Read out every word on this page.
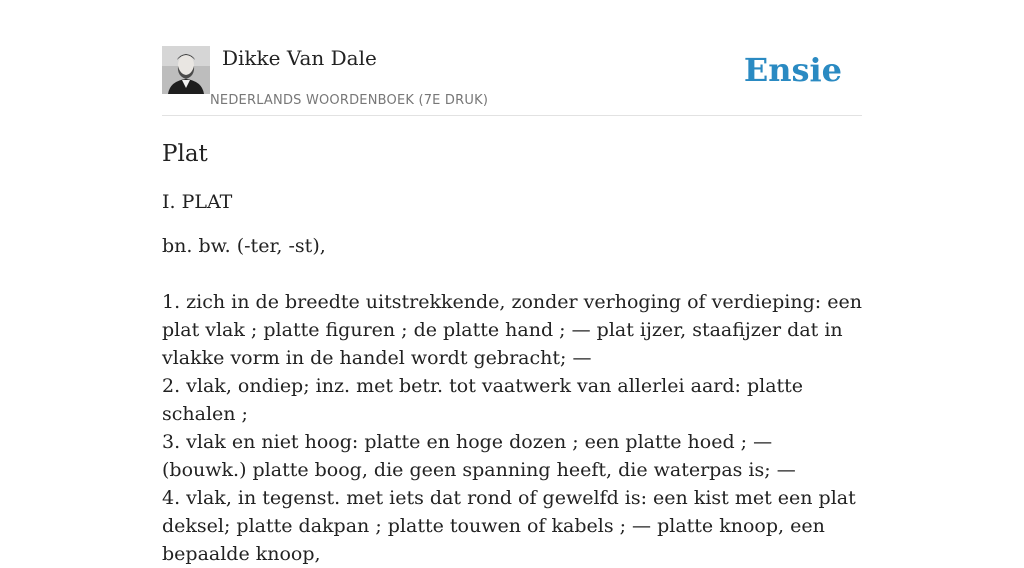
Dikke Van Dale
NEDERLANDS WOORDENBOEK (7E DRUK)
Ensie
Plat
I. PLAT
bn. bw. (-ter, -st),
1. zich in de breedte uitstrekkende, zonder verhoging of verdieping: een plat vlak ; platte figuren ; de platte hand ; — plat ijzer, staafijzer dat in vlakke vorm in de handel wordt gebracht; —
2. vlak, ondiep; inz. met betr. tot vaatwerk van allerlei aard: platte schalen ;
3. vlak en niet hoog: platte en hoge dozen ; een platte hoed ; — (bouwk.) platte boog, die geen spanning heeft, die waterpas is; —
4. vlak, in tegenst. met iets dat rond of gewelfd is: een kist met een plat deksel; platte dakpan ; platte touwen of kabels ; — platte knoop, een bepaalde knoop,
